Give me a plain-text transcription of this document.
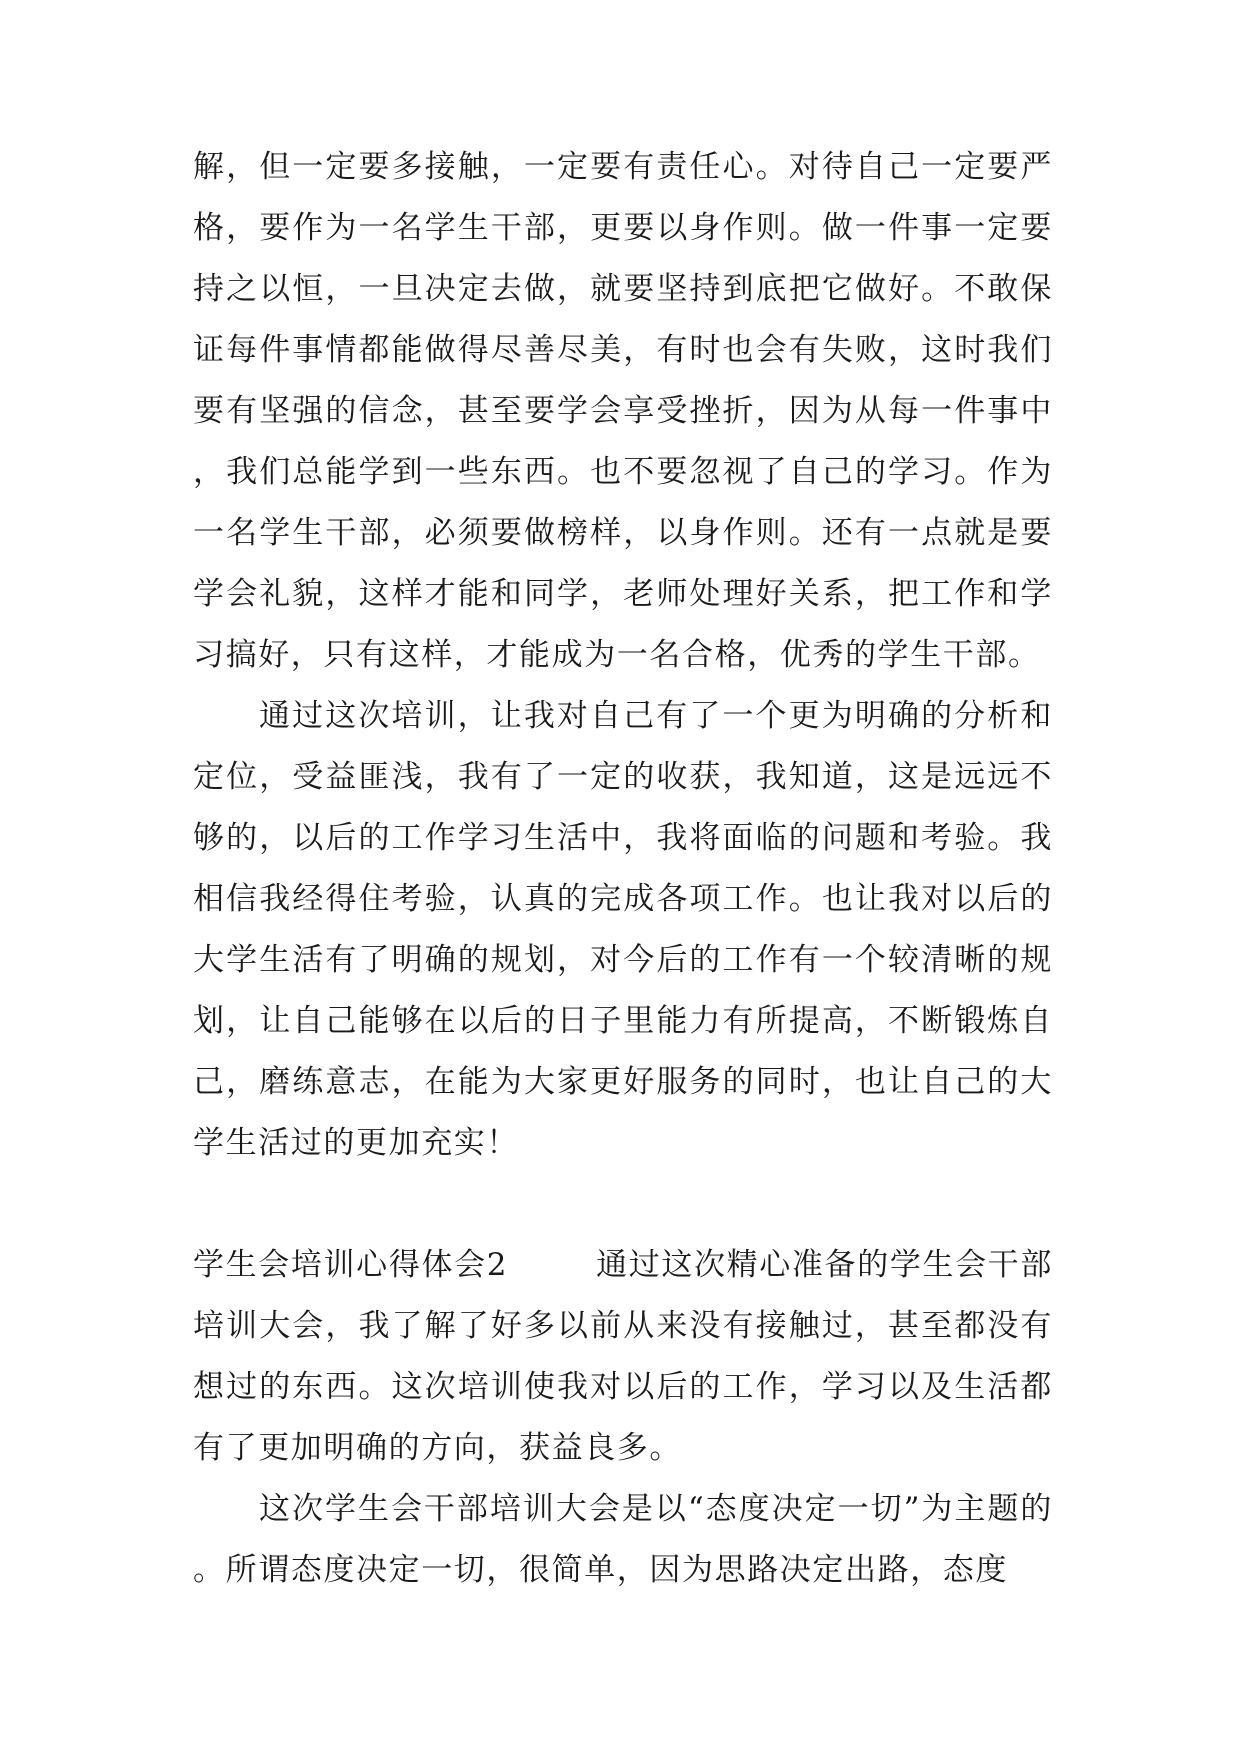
解，但一定要多接触，一定要有责任心。对待自己一定要严格，要作为一名学生干部，更要以身作则。做一件事一定要持之以恒，一旦决定去做，就要坚持到底把它做好。不敢保证每件事情都能做得尽善尽美，有时也会有失败，这时我们要有坚强的信念，甚至要学会享受挫折，因为从每一件事中，我们总能学到一些东西。也不要忽视了自己的学习。作为一名学生干部，必须要做榜样，以身作则。还有一点就是要学会礼貌，这样才能和同学，老师处理好关系，把工作和学习搞好，只有这样，才能成为一名合格，优秀的学生干部。

通过这次培训，让我对自己有了一个更为明确的分析和定位，受益匪浅，我有了一定的收获，我知道，这是远远不够的，以后的工作学习生活中，我将面临的问题和考验。我相信我经得住考验，认真的完成各项工作。也让我对以后的大学生活有了明确的规划，对今后的工作有一个较清晰的规划，让自己能够在以后的日子里能力有所提高，不断锻炼自己，磨练意志，在能为大家更好服务的同时，也让自己的大学生活过的更加充实！

学生会培训心得体会2	通过这次精心准备的学生会干部培训大会，我了解了好多以前从来没有接触过，甚至都没有想过的东西。这次培训使我对以后的工作，学习以及生活都有了更加明确的方向，获益良多。

这次学生会干部培训大会是以“态度决定一切”为主题的。所谓态度决定一切，很简单，因为思路决定出路，态度
